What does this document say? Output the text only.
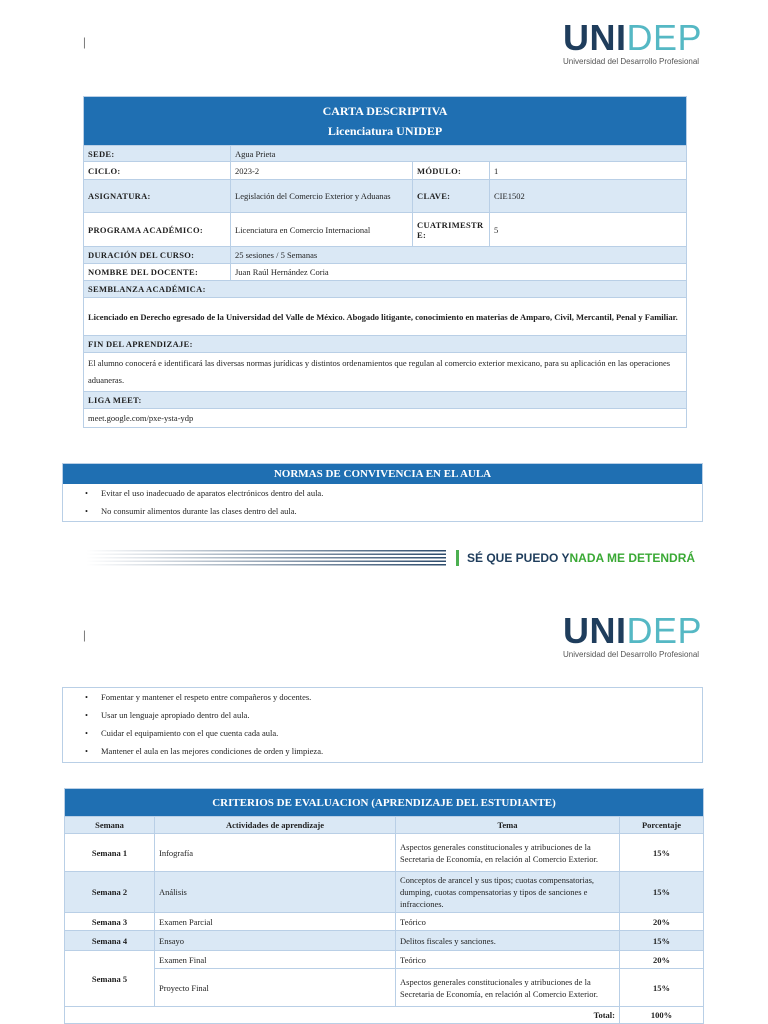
|	UNIDEP
Universidad del Desarrollo Profesional
CARTA DESCRIPTIVA
Licenciatura UNIDEP			

SEDE:	Agua Prieta		
CICLO:	2023-2	MÓDULO:	1
ASIGNATURA:	Legislación del Comercio Exterior y Aduanas	CLAVE:	CIE1502
PROGRAMA ACADÉMICO:	Licenciatura en Comercio Internacional	CUATRIMESTRE:	5
DURACIÓN DEL CURSO:	25 sesiones / 5 Semanas		
NOMBRE DEL DOCENTE:	Juan Raúl Hernández Coria		
SEMBLANZA ACADÉMICA:			
Licenciado en Derecho egresado de la Universidad del Valle de México. Abogado litigante, conocimiento en materias de Amparo, Civil, Mercantil, Penal y Familiar.			
FIN DEL APRENDIZAJE:			
El alumno conocerá e identificará las diversas normas jurídicas y distintos ordenamientos que regulan al comercio exterior mexicano, para su aplicación en las operaciones aduaneras.			
LIGA MEET:			
meet.google.com/pxe-ysta-ydp			
NORMAS DE CONVIVENCIA EN EL AULA
• Evitar el uso inadecuado de aparatos electrónicos dentro del aula.
• No consumir alimentos durante las clases dentro del aula.
SÉ QUE PUEDO Y NADA ME DETENDRÁ
|	UNIDEP
Universidad del Desarrollo Profesional
• Fomentar y mantener el respeto entre compañeros y docentes.
• Usar un lenguaje apropiado dentro del aula.
• Cuidar el equipamiento con el que cuenta cada aula.
• Mantener el aula en las mejores condiciones de orden y limpieza.
CRITERIOS DE EVALUACION (APRENDIZAJE DEL ESTUDIANTE)			
Semana	Actividades de aprendizaje	Tema	Porcentaje
Semana 1	Infografía	Aspectos generales constitucionales y atribuciones de la Secretaria de Economía, en relación al Comercio Exterior.	15%
Semana 2	Análisis	Conceptos de arancel y sus tipos; cuotas compensatorias, dumping, cuotas compensatorias y tipos de sanciones e infracciones.	15%
Semana 3	Examen Parcial	Teórico	20%
Semana 4	Ensayo	Delitos fiscales y sanciones.	15%
Semana 5	Examen Final	Teórico	20%
	Proyecto Final	Aspectos generales constitucionales y atribuciones de la Secretaria de Economía, en relación al Comercio Exterior.	15%
Total:			100%
